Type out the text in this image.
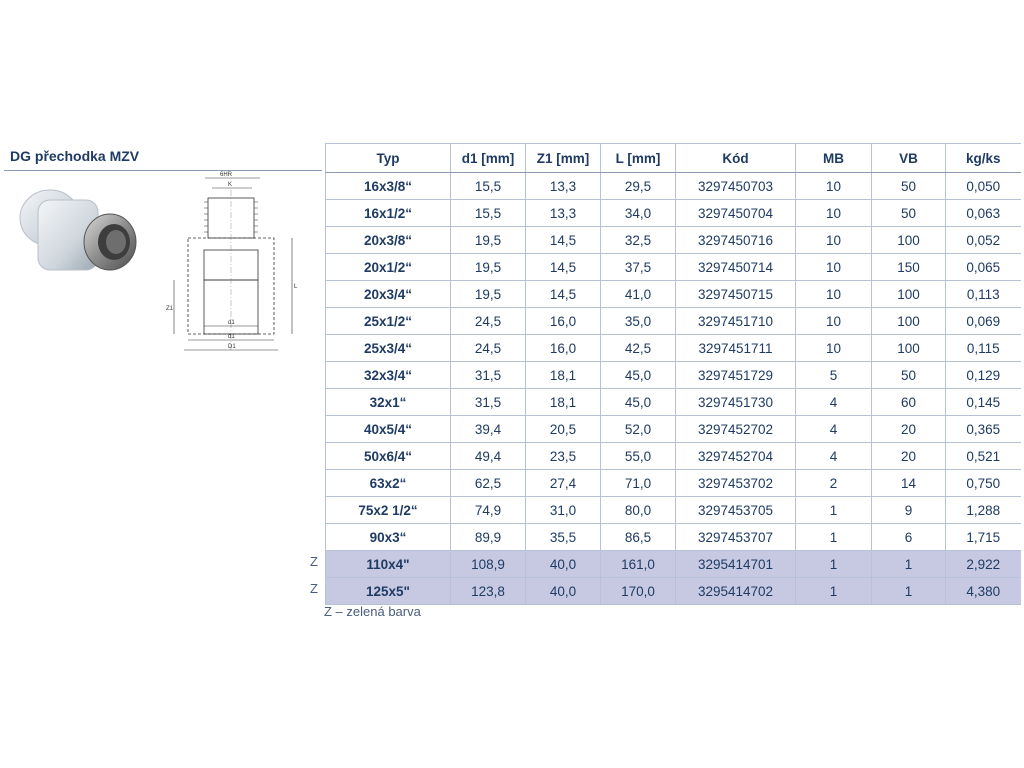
DG přechodka MZV
6HR
K
L
Z1
d1
d1
D1
Typ	d1 [mm]	Z1 [mm]	L [mm]	Kód	MB	VB	kg/ks
16x3/8“	15,5	13,3	29,5	3297450703	10	50	0,050
16x1/2“	15,5	13,3	34,0	3297450704	10	50	0,063
20x3/8“	19,5	14,5	32,5	3297450716	10	100	0,052
20x1/2“	19,5	14,5	37,5	3297450714	10	150	0,065
20x3/4“	19,5	14,5	41,0	3297450715	10	100	0,113
25x1/2“	24,5	16,0	35,0	3297451710	10	100	0,069
25x3/4“	24,5	16,0	42,5	3297451711	10	100	0,115
32x3/4“	31,5	18,1	45,0	3297451729	5	50	0,129
32x1“	31,5	18,1	45,0	3297451730	4	60	0,145
40x5/4“	39,4	20,5	52,0	3297452702	4	20	0,365
50x6/4“	49,4	23,5	55,0	3297452704	4	20	0,521
63x2“	62,5	27,4	71,0	3297453702	2	14	0,750
75x2 1/2“	74,9	31,0	80,0	3297453705	1	9	1,288
90x3“	89,9	35,5	86,5	3297453707	1	6	1,715
110x4"	108,9	40,0	161,0	3295414701	1	1	2,922
125x5"	123,8	40,0	170,0	3295414702	1	1	4,380
Z
Z
Z – zelená barva
